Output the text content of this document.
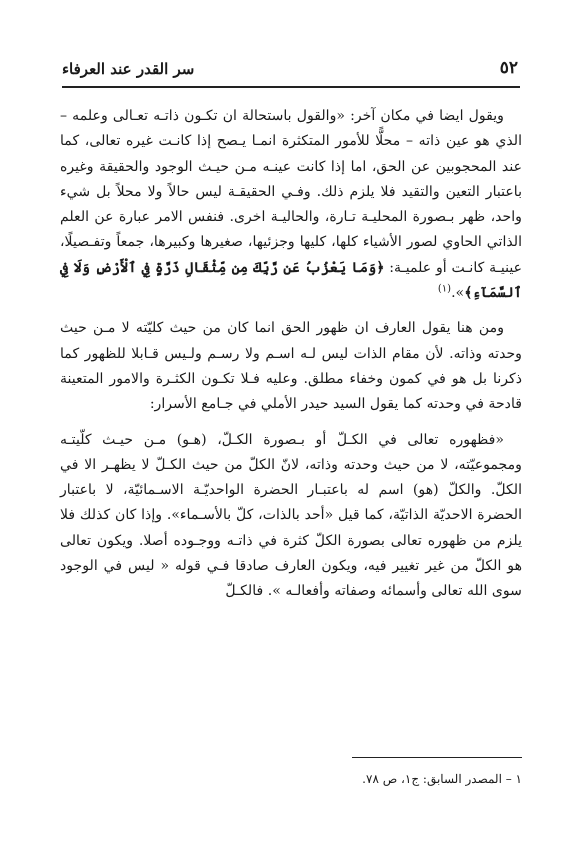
٥٢
سر القدر عند العرفاء

ويقول ايضا في مكان آخر: «والقول باستحالة ان تكـون ذاتـه تعـالى وعلمه – الذي هو عين ذاته – محلًّا للأمور المتكثرة انمـا يـصح إذا كانـت غيره تعالى، كما عند المحجوبين عن الحق، اما إذا كانت عينـه مـن حيـث الوجود والحقيقة وغيره باعتبار التعين والتقيد فلا يلزم ذلك. وفـي الحقيقـة ليس حالاً ولا محلاً بل شيء واحد، ظهر بـصورة المحليـة تـارة، والحاليـة اخرى. فنفس الامر عبارة عن العلم الذاتي الحاوي لصور الأشياء كلها، كليها وجزئيها، صغيرها وكبيرها، جمعاً وتفـصيلًا، عينيـة كانـت أو علميـة: ﴿وَمَا يَعْزُبُ عَن رَّبِّكَ مِن مِّثْقَالِ ذَرَّةٍ فِي ٱلْأَرْضِ وَلَا فِي ٱلسَّمَآءِ﴾».$^{(١)}$

ومن هنا يقول العارف ان ظهور الحق انما كان من حيث كليّته لا مـن حيث وحدته وذاته. لأن مقام الذات ليس لـه اسـم ولا رسـم ولـيس قـابلا للظهور كما ذكرنا بل هو في كمون وخفاء مطلق. وعليه فـلا تكـون الكثـرة والامور المتعينة قادحة في وحدته كما يقول السيد حيدر الأملي في جـامع الأسرار:

«فظهوره تعالى في الكـلّ أو بـصورة الكـلّ، (هـو) مـن حيـث كلّيتـه ومجموعيّته، لا من حيث وحدته وذاته، لانّ الكلّ من حيث الكـلّ لا يظهـر الا في الكلّ. والكلّ (هو) اسم له باعتبـار الحضرة الواحديّـة الاسـمائيّة، لا باعتبار الحضرة الاحديّة الذاتيّة، كما قيل «أحد بالذات، كلّ بالأسـماء». وإذا كان كذلك فلا يلزم من ظهوره تعالى بصورة الكلّ كثرة في ذاتـه ووجـوده أصلا. ويكون تعالى هو الكلّ من غير تغيير فيه، ويكون العارف صادقا فـي قوله « ليس في الوجود سوى الله تعالى وأسمائه وصفاته وأفعالـه ». فالكـلّ

١ – المصدر السابق: ج١، ص ٧٨.
